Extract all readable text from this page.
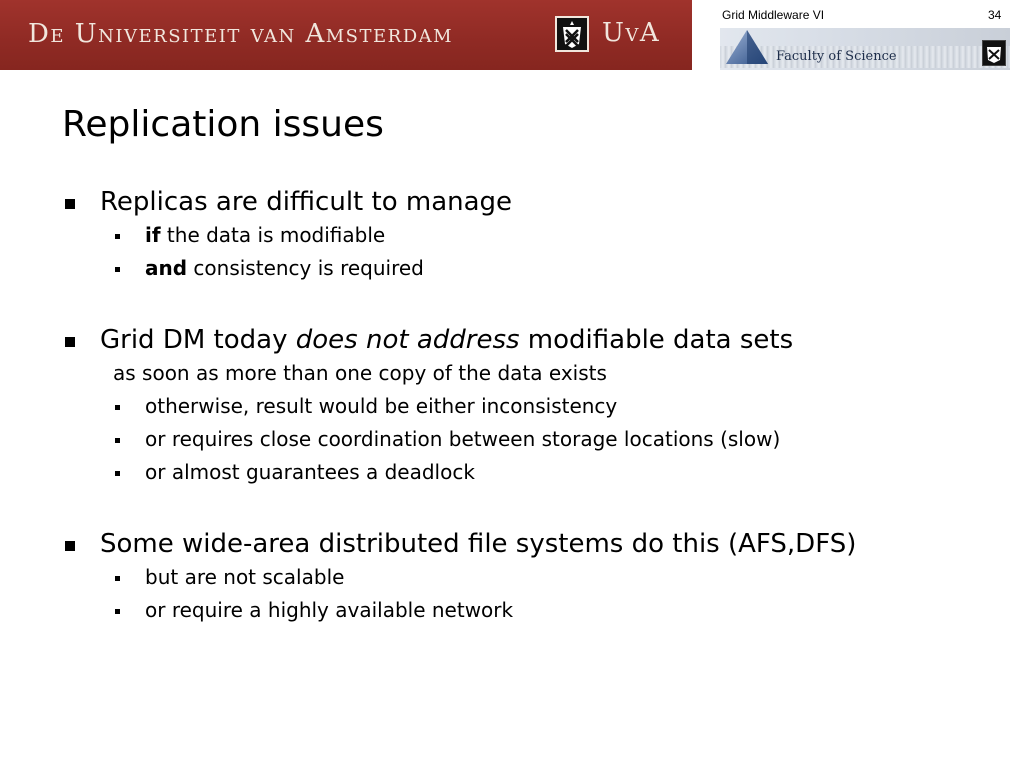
De Universiteit van Amsterdam	UvA
Grid Middleware VI	34
Faculty of Science
Replication issues
Replicas are difficult to manage
if the data is modifiable
and consistency is required
Grid DM today does not address modifiable data sets
as soon as more than one copy of the data exists
otherwise, result would be either inconsistency
or requires close coordination between storage locations (slow)
or almost guarantees a deadlock
Some wide-area distributed file systems do this (AFS,DFS)
but are not scalable
or require a highly available network
